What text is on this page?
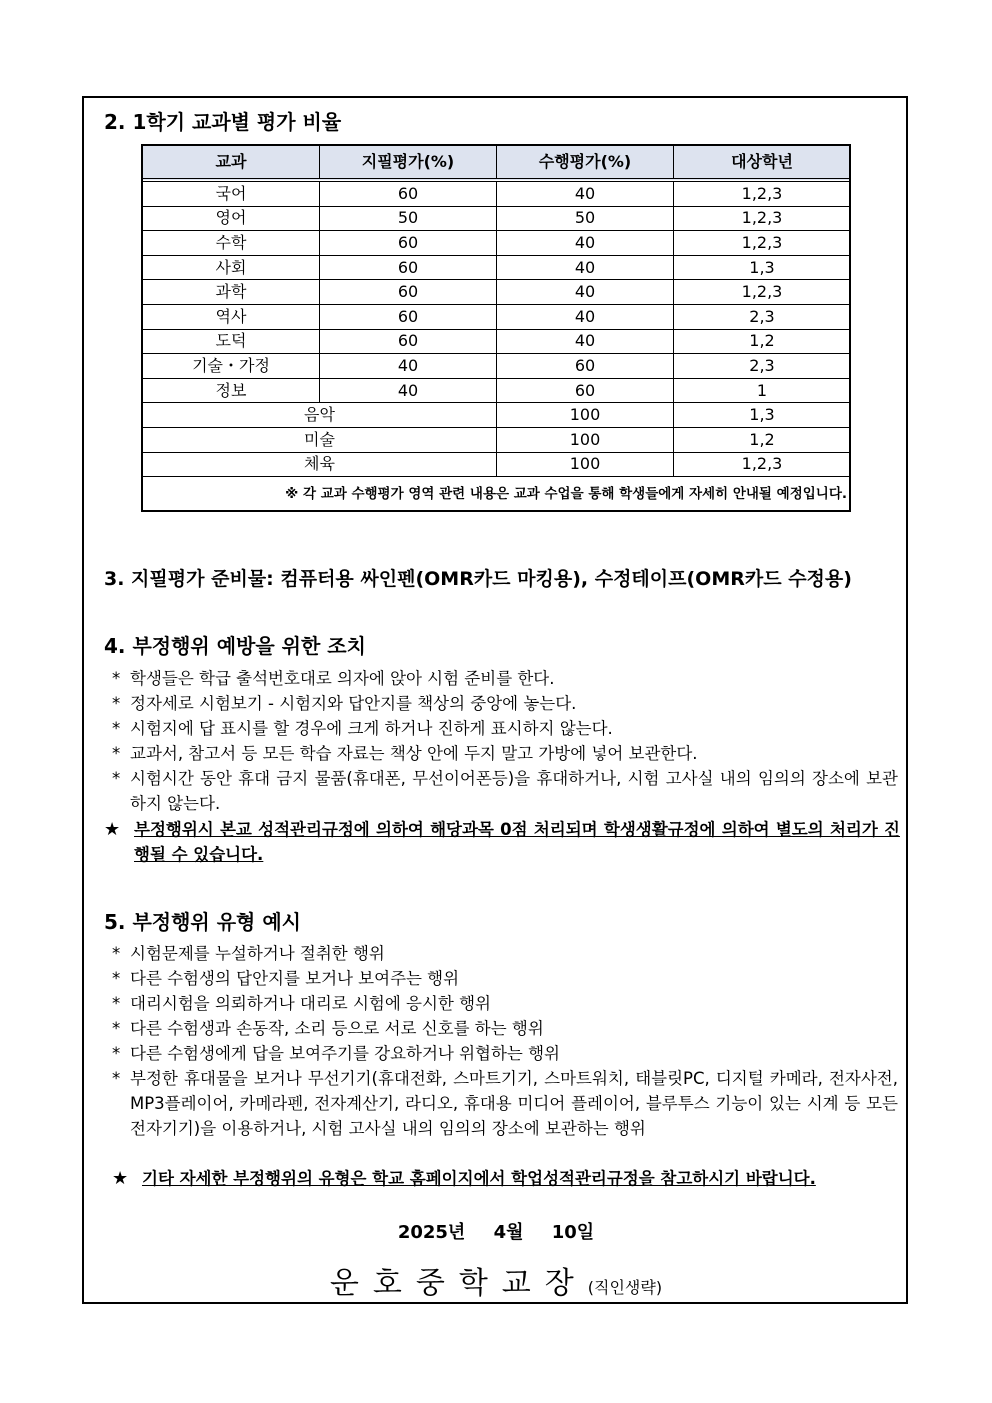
2. 1학기 교과별 평가 비율
교과	지필평가(%)	수행평가(%)	대상학년
국어	60	40	1,2,3
영어	50	50	1,2,3
수학	60	40	1,2,3
사회	60	40	1,3
과학	60	40	1,2,3
역사	60	40	2,3
도덕	60	40	1,2
기술・가정	40	60	2,3
정보	40	60	1
음악		100	1,3
미술		100	1,2
체육		100	1,2,3
※ 각 교과 수행평가 영역 관련 내용은 교과 수업을 통해 학생들에게 자세히 안내될 예정입니다.			
3. 지필평가 준비물: 컴퓨터용 싸인펜(OMR카드 마킹용), 수정테이프(OMR카드 수정용)
4. 부정행위 예방을 위한 조치
* 학생들은 학급 출석번호대로 의자에 앉아 시험 준비를 한다.
* 정자세로 시험보기 - 시험지와 답안지를 책상의 중앙에 놓는다.
* 시험지에 답 표시를 할 경우에 크게 하거나 진하게 표시하지 않는다.
* 교과서, 참고서 등 모든 학습 자료는 책상 안에 두지 말고 가방에 넣어 보관한다.
* 시험시간 동안 휴대 금지 물품(휴대폰, 무선이어폰등)을 휴대하거나, 시험 고사실 내의 임의의 장소에 보관하지 않는다.
★ 부정행위시 본교 성적관리규정에 의하여 해당과목 0점 처리되며 학생생활규정에 의하여 별도의 처리가 진행될 수 있습니다.
5. 부정행위 유형 예시
* 시험문제를 누설하거나 절취한 행위
* 다른 수험생의 답안지를 보거나 보여주는 행위
* 대리시험을 의뢰하거나 대리로 시험에 응시한 행위
* 다른 수험생과 손동작, 소리 등으로 서로 신호를 하는 행위
* 다른 수험생에게 답을 보여주기를 강요하거나 위협하는 행위
* 부정한 휴대물을 보거나 무선기기(휴대전화, 스마트기기, 스마트워치, 태블릿PC, 디지털 카메라, 전자사전, MP3플레이어, 카메라펜, 전자계산기, 라디오, 휴대용 미디어 플레이어, 블루투스 기능이 있는 시계 등 모든 전자기기)을 이용하거나, 시험 고사실 내의 임의의 장소에 보관하는 행위
★ 기타 자세한 부정행위의 유형은 학교 홈페이지에서 학업성적관리규정을 참고하시기 바랍니다.
2025년 4월 10일
운호중학교장(직인생략)
